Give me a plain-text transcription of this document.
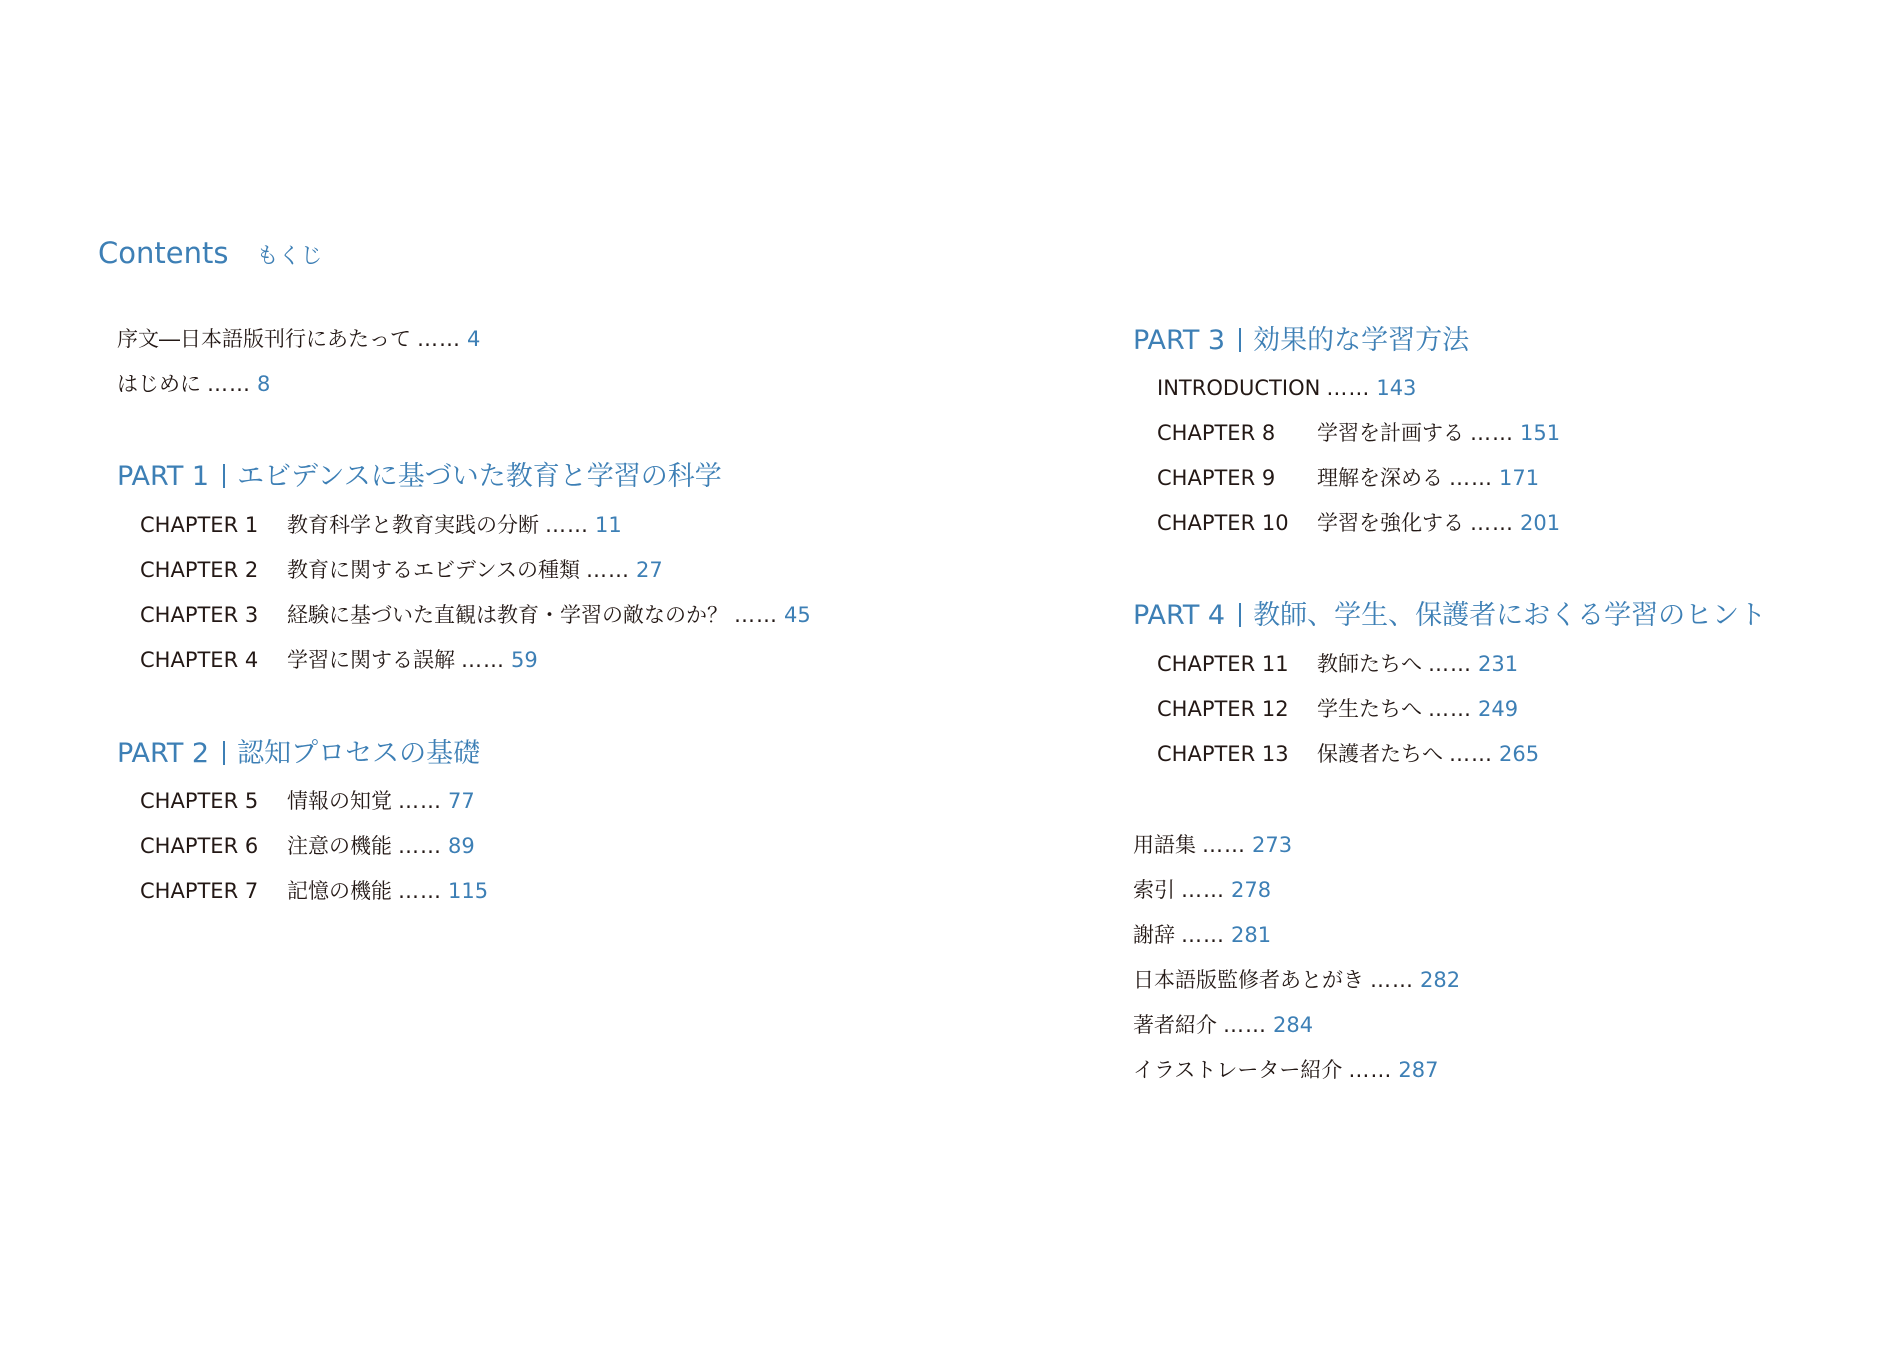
Contents もくじ
序文―日本語版刊行にあたって …… 4
はじめに …… 8
PART 1 エビデンスに基づいた教育と学習の科学
CHAPTER 1 教育科学と教育実践の分断 …… 11
CHAPTER 2 教育に関するエビデンスの種類 …… 27
CHAPTER 3 経験に基づいた直観は教育・学習の敵なのか？ …… 45
CHAPTER 4 学習に関する誤解 …… 59
PART 2 認知プロセスの基礎
CHAPTER 5 情報の知覚 …… 77
CHAPTER 6 注意の機能 …… 89
CHAPTER 7 記憶の機能 …… 115
PART 3 効果的な学習方法
INTRODUCTION …… 143
CHAPTER 8 学習を計画する …… 151
CHAPTER 9 理解を深める …… 171
CHAPTER 10 学習を強化する …… 201
PART 4 教師、学生、保護者におくる学習のヒント
CHAPTER 11 教師たちへ …… 231
CHAPTER 12 学生たちへ …… 249
CHAPTER 13 保護者たちへ …… 265
用語集 …… 273
索引 …… 278
謝辞 …… 281
日本語版監修者あとがき …… 282
著者紹介 …… 284
イラストレーター紹介 …… 287
